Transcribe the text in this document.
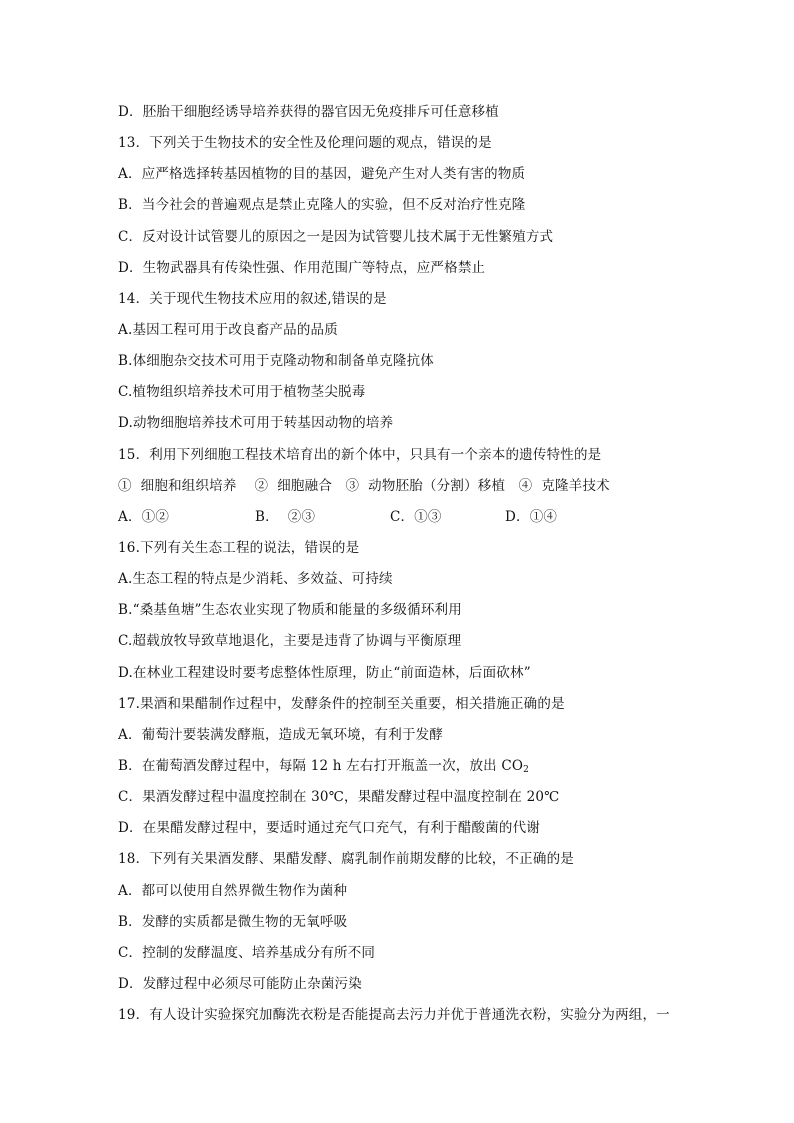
D．胚胎干细胞经诱导培养获得的器官因无免疫排斥可任意移植
13．下列关于生物技术的安全性及伦理问题的观点，错误的是
A．应严格选择转基因植物的目的基因，避免产生对人类有害的物质
B．当今社会的普遍观点是禁止克隆人的实验，但不反对治疗性克隆
C．反对设计试管婴儿的原因之一是因为试管婴儿技术属于无性繁殖方式
D．生物武器具有传染性强、作用范围广等特点，应严格禁止
14．关于现代生物技术应用的叙述,错误的是
A.基因工程可用于改良畜产品的品质
B.体细胞杂交技术可用于克隆动物和制备单克隆抗体
C.植物组织培养技术可用于植物茎尖脱毒
D.动物细胞培养技术可用于转基因动物的培养
15．利用下列细胞工程技术培育出的新个体中，只具有一个亲本的遗传特性的是
①  细胞和组织培养    ②  细胞融合   ③  动物胚胎（分割）移植   ④  克隆羊技术

A．①②

	B．  ②③

	C．①③

	D．①④

16.下列有关生态工程的说法，错误的是
A.生态工程的特点是少消耗、多效益、可持续
B.“桑基鱼塘”生态农业实现了物质和能量的多级循环利用
C.超载放牧导致草地退化，主要是违背了协调与平衡原理
D.在林业工程建设时要考虑整体性原理，防止“前面造林，后面砍林”
17.果酒和果醋制作过程中，发酵条件的控制至关重要，相关措施正确的是
A．葡萄汁要装满发酵瓶，造成无氧环境，有利于发酵
B．在葡萄酒发酵过程中，每隔 12 h 左右打开瓶盖一次，放出 $CO_2$
C．果酒发酵过程中温度控制在 30℃，果醋发酵过程中温度控制在 20℃
D．在果醋发酵过程中，要适时通过充气口充气，有利于醋酸菌的代谢
18．下列有关果酒发酵、果醋发酵、腐乳制作前期发酵的比较，不正确的是
A．都可以使用自然界微生物作为菌种
B．发酵的实质都是微生物的无氧呼吸
C．控制的发酵温度、培养基成分有所不同
D．发酵过程中必须尽可能防止杂菌污染
19．有人设计实验探究加酶洗衣粉是否能提高去污力并优于普通洗衣粉，实验分为两组，一
